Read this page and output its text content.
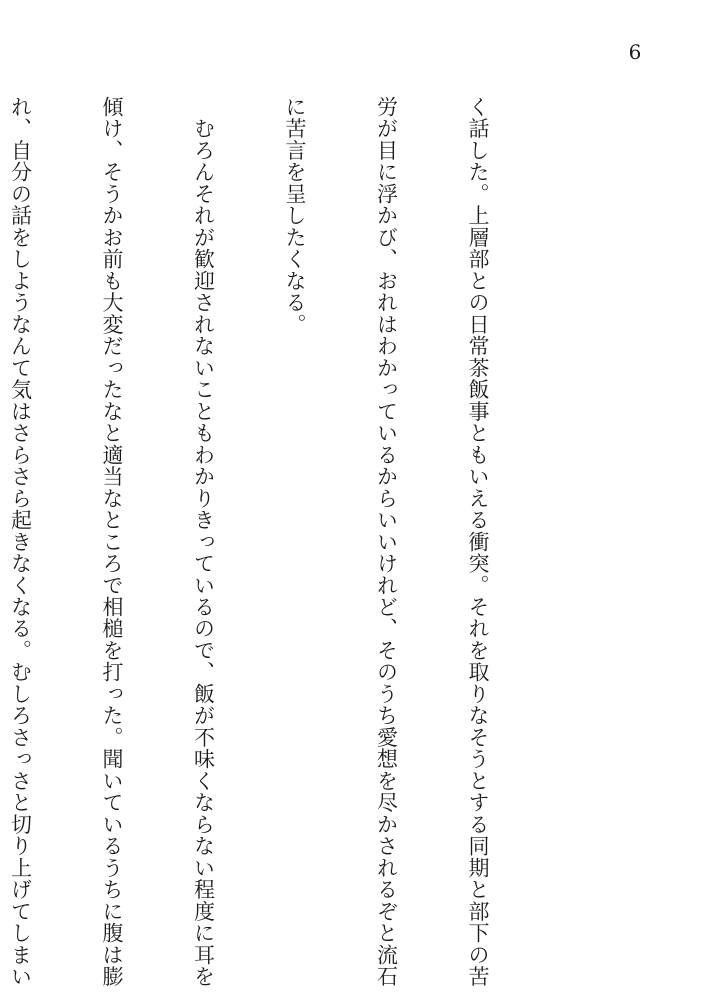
6

く話した。上層部との日常茶飯事ともいえる衝突。それを取りなそうとする同期と部下の苦

労が目に浮かび、おれはわかっているからいいけれど、そのうち愛想を尽かされるぞと流石

に苦言を呈したくなる。

　むろんそれが歓迎されないこともわかりきっているので、飯が不味くならない程度に耳を

傾け、そうかお前も大変だったなと適当なところで相槌を打った。聞いているうちに腹は膨

れ、自分の話をしようなんて気はさらさら起きなくなる。むしろさっさと切り上げてしまい
